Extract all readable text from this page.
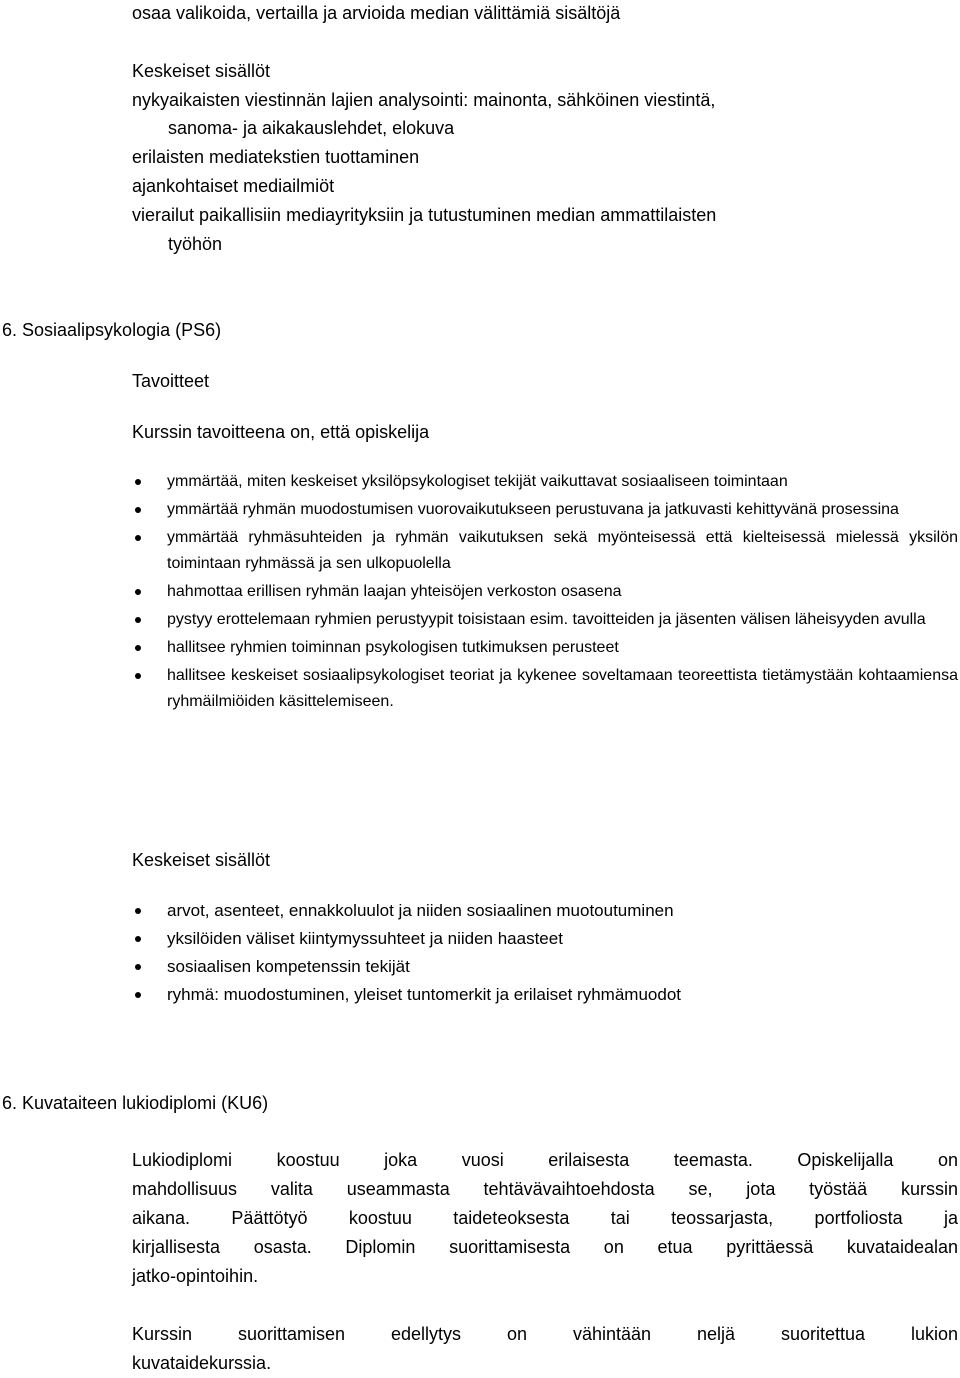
osaa valikoida, vertailla ja arvioida median välittämiä sisältöjä
Keskeiset sisällöt
nykyaikaisten viestinnän lajien analysointi: mainonta, sähköinen viestintä,
sanoma- ja aikakauslehdet, elokuva
erilaisten mediatekstien tuottaminen
ajankohtaiset mediailmiöt
vierailut paikallisiin mediayrityksiin ja tutustuminen median ammattilaisten
työhön
6. Sosiaalipsykologia (PS6)
Tavoitteet
Kurssin tavoitteena on, että opiskelija
ymmärtää, miten keskeiset yksilöpsykologiset tekijät vaikuttavat sosiaaliseen toimintaan
ymmärtää ryhmän muodostumisen vuorovaikutukseen perustuvana ja jatkuvasti kehittyvänä prosessina
ymmärtää ryhmäsuhteiden ja ryhmän vaikutuksen sekä myönteisessä että kielteisessä mielessä yksilön toimintaan ryhmässä ja sen ulkopuolella
hahmottaa erillisen ryhmän laajan yhteisöjen verkoston osasena
pystyy erottelemaan ryhmien perustyypit toisistaan esim. tavoitteiden ja jäsenten välisen läheisyyden avulla
hallitsee ryhmien toiminnan psykologisen tutkimuksen perusteet
hallitsee keskeiset sosiaalipsykologiset teoriat ja kykenee soveltamaan teoreettista tietämystään kohtaamiensa ryhmäilmiöiden käsittelemiseen.
Keskeiset sisällöt
arvot, asenteet, ennakkoluulot ja niiden sosiaalinen muotoutuminen
yksilöiden väliset kiintymyssuhteet ja niiden haasteet
sosiaalisen kompetenssin tekijät
ryhmä: muodostuminen, yleiset tuntomerkit ja erilaiset ryhmämuodot
6. Kuvataiteen lukiodiplomi (KU6)
Lukiodiplomi koostuu joka vuosi erilaisesta teemasta. Opiskelijalla on
mahdollisuus valita useammasta tehtävävaihtoehdosta se, jota työstää kurssin
aikana. Päättötyö koostuu taideteoksesta tai teossarjasta, portfoliosta ja
kirjallisesta osasta. Diplomin suorittamisesta on etua pyrittäessä kuvataidealan
jatko-opintoihin.
Kurssin suorittamisen edellytys on vähintään neljä suoritettua lukion
kuvataidekurssia.
